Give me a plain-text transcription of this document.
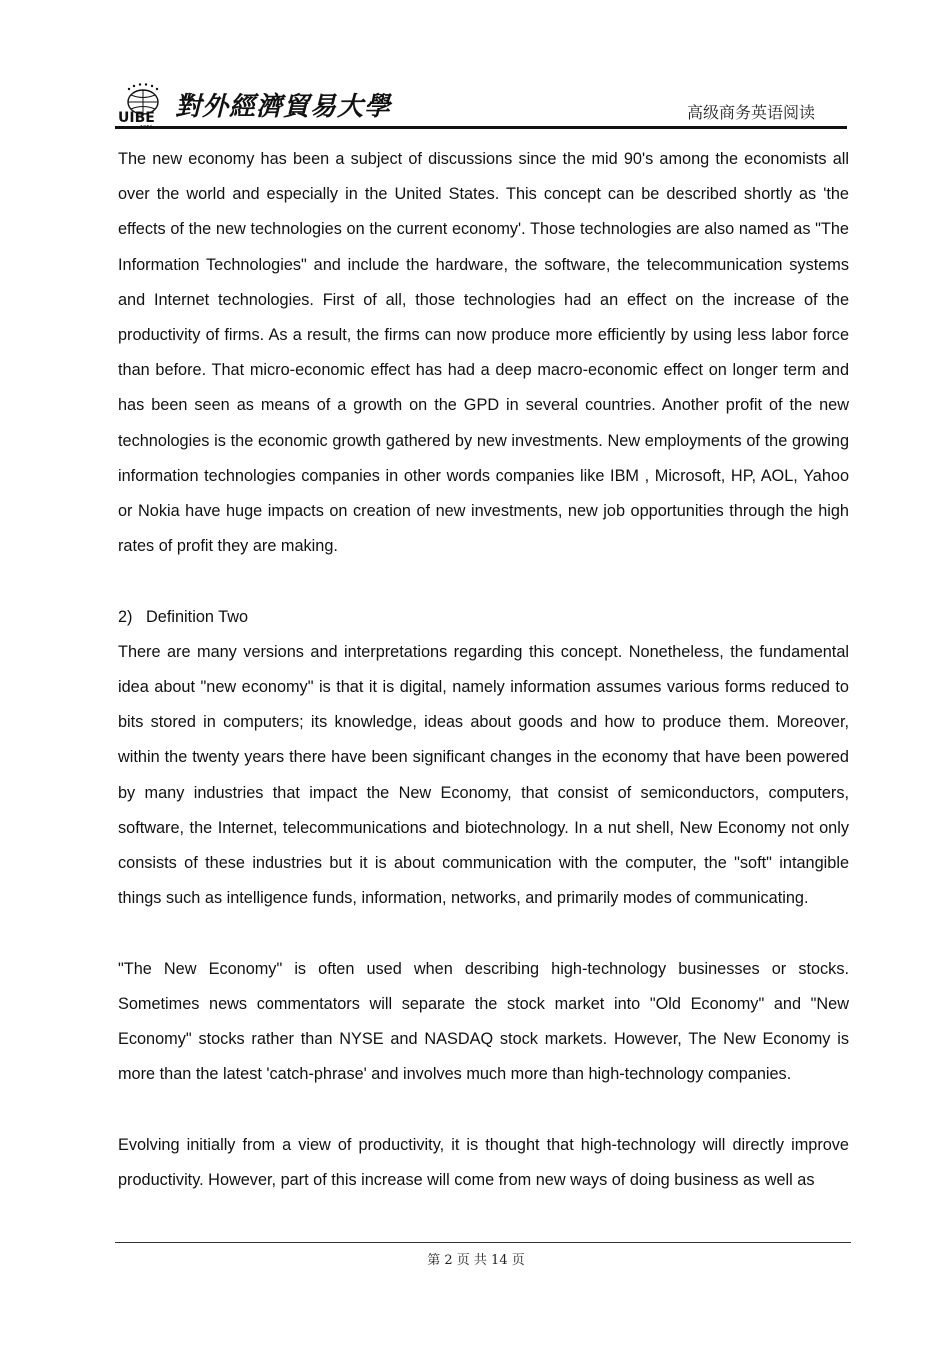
UIBE
1951
對外經濟貿易大學	高级商务英语阅读

The new economy has been a subject of discussions since the mid 90's among the economists all over the world and especially in the United States. This concept can be described shortly as 'the effects of the new technologies on the current economy'. Those technologies are also named as "The Information Technologies" and include the hardware, the software, the telecommunication systems and Internet technologies. First of all, those technologies had an effect on the increase of the productivity of firms. As a result, the firms can now produce more efficiently by using less labor force than before. That micro-economic effect has had a deep macro-economic effect on longer term and has been seen as means of a growth on the GPD in several countries. Another profit of the new technologies is the economic growth gathered by new investments. New employments of the growing information technologies companies in other words companies like IBM , Microsoft, HP, AOL, Yahoo or Nokia have huge impacts on creation of new investments, new job opportunities through the high rates of profit they are making.

2)   Definition Two

There are many versions and interpretations regarding this concept. Nonetheless, the fundamental idea about "new economy" is that it is digital, namely information assumes various forms reduced to bits stored in computers; its knowledge, ideas about goods and how to produce them. Moreover, within the twenty years there have been significant changes in the economy that have been powered by many industries that impact the New Economy, that consist of semiconductors, computers, software, the Internet, telecommunications and biotechnology. In a nut shell, New Economy not only consists of these industries but it is about communication with the computer, the "soft" intangible things such as intelligence funds, information, networks, and primarily modes of communicating.

"The New Economy" is often used when describing high-technology businesses or stocks. Sometimes news commentators will separate the stock market into "Old Economy" and "New Economy" stocks rather than NYSE and NASDAQ stock markets. However, The New Economy is more than the latest 'catch-phrase' and involves much more than high-technology companies.

Evolving initially from a view of productivity, it is thought that high-technology will directly improve productivity. However, part of this increase will come from new ways of doing business as well as

第 2 页 共 14 页
